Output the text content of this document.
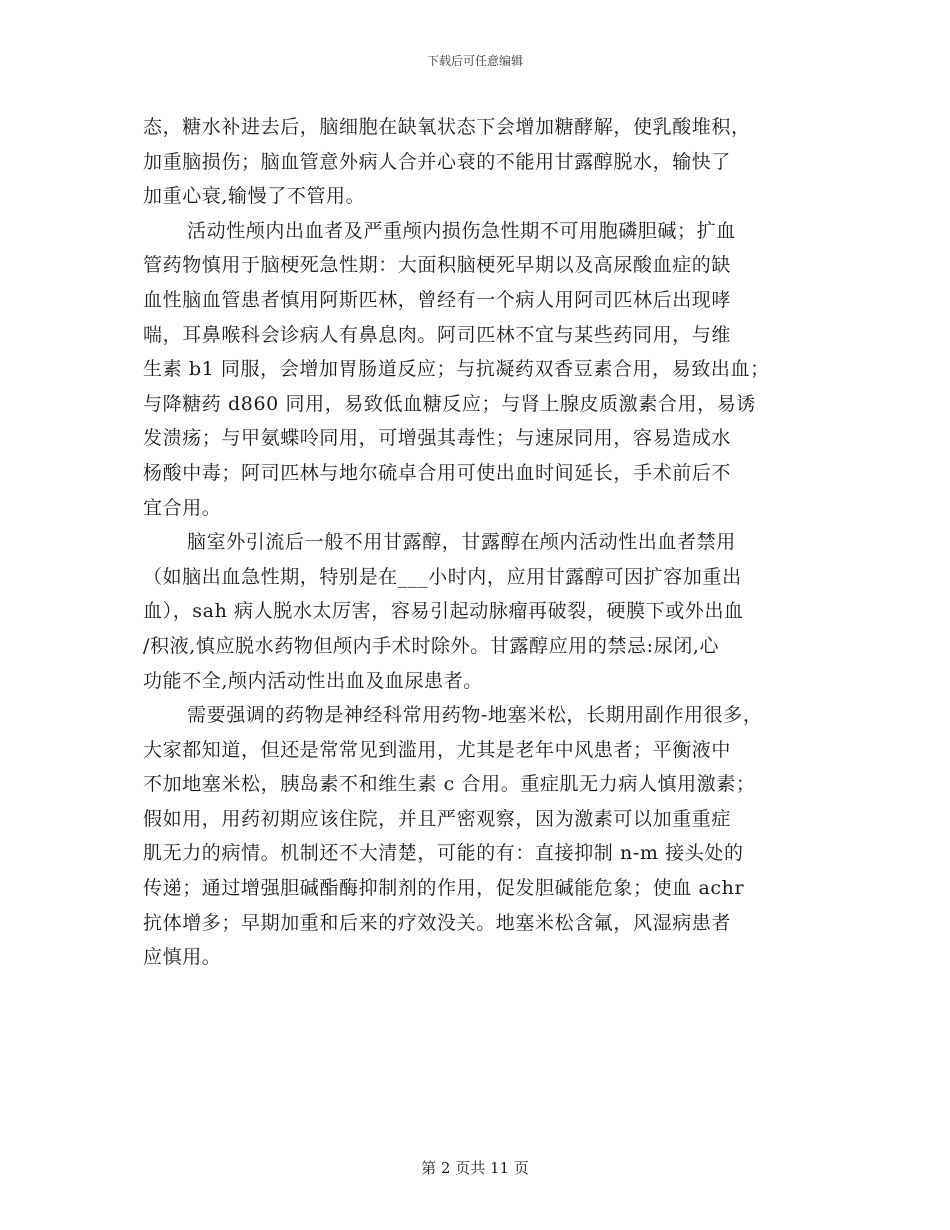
下载后可任意编辑
态，糖水补进去后，脑细胞在缺氧状态下会增加糖酵解，使乳酸堆积，
加重脑损伤；脑血管意外病人合并心衰的不能用甘露醇脱水，输快了
加重心衰,输慢了不管用。
活动性颅内出血者及严重颅内损伤急性期不可用胞磷胆碱；扩血
管药物慎用于脑梗死急性期：大面积脑梗死早期以及高尿酸血症的缺
血性脑血管患者慎用阿斯匹林，曾经有一个病人用阿司匹林后出现哮
喘，耳鼻喉科会诊病人有鼻息肉。阿司匹林不宜与某些药同用，与维
生素 b1 同服，会增加胃肠道反应；与抗凝药双香豆素合用，易致出血；
与降糖药 d860 同用，易致低血糖反应；与肾上腺皮质激素合用，易诱
发溃疡；与甲氨蝶呤同用，可增强其毒性；与速尿同用，容易造成水
杨酸中毒；阿司匹林与地尔硫卓合用可使出血时间延长，手术前后不
宜合用。
脑室外引流后一般不用甘露醇，甘露醇在颅内活动性出血者禁用
（如脑出血急性期，特别是在___小时内，应用甘露醇可因扩容加重出
血），sah 病人脱水太厉害，容易引起动脉瘤再破裂，硬膜下或外出血
/积液,慎应脱水药物但颅内手术时除外。甘露醇应用的禁忌:尿闭,心
功能不全,颅内活动性出血及血尿患者。
需要强调的药物是神经科常用药物-地塞米松，长期用副作用很多，
大家都知道，但还是常常见到滥用，尤其是老年中风患者；平衡液中
不加地塞米松，胰岛素不和维生素 c 合用。重症肌无力病人慎用激素；
假如用，用药初期应该住院，并且严密观察，因为激素可以加重重症
肌无力的病情。机制还不大清楚，可能的有：直接抑制 n-m 接头处的
传递；通过增强胆碱酯酶抑制剂的作用，促发胆碱能危象；使血 achr
抗体增多；早期加重和后来的疗效没关。地塞米松含氟，风湿病患者
应慎用。
第 2 页共 11 页
